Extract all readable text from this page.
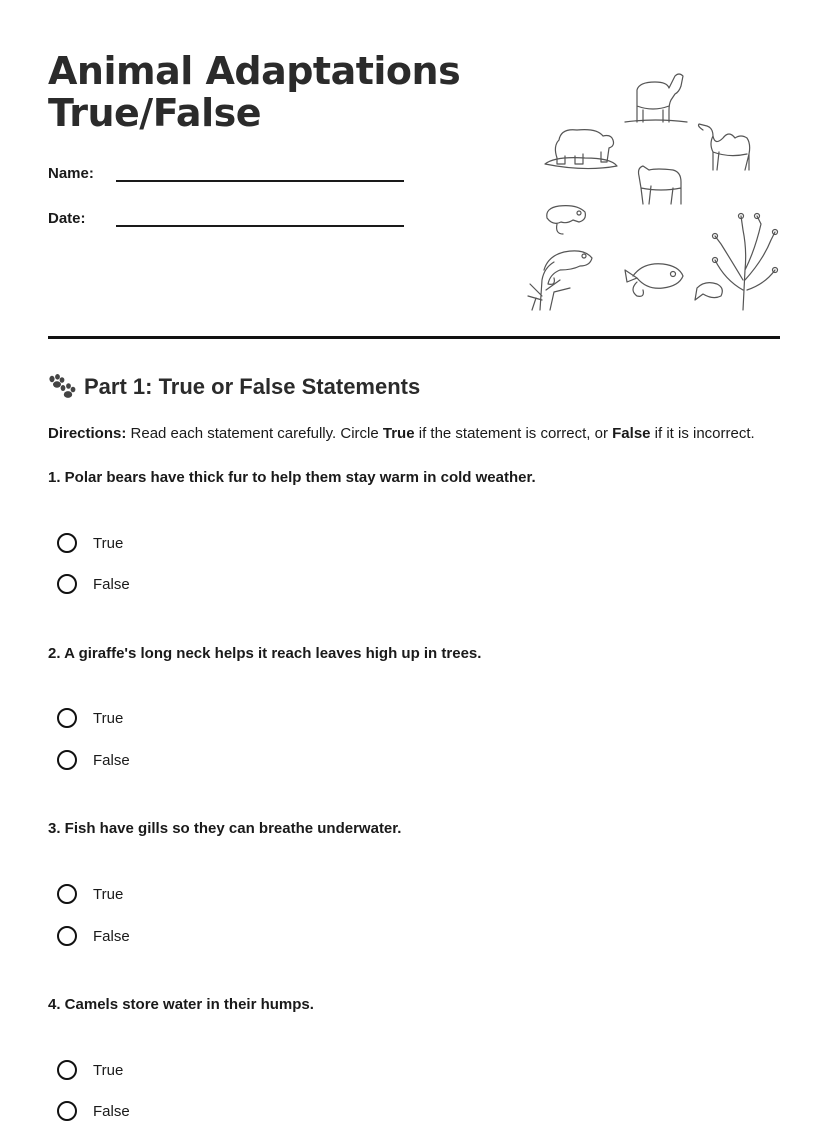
Animal Adaptations
True/False
Name:
Date:
Part 1: True or False Statements
Directions: Read each statement carefully. Circle True if the statement is correct, or False if it is incorrect.
1. Polar bears have thick fur to help them stay warm in cold weather.
True
False
2. A giraffe's long neck helps it reach leaves high up in trees.
True
False
3. Fish have gills so they can breathe underwater.
True
False
4. Camels store water in their humps.
True
False
